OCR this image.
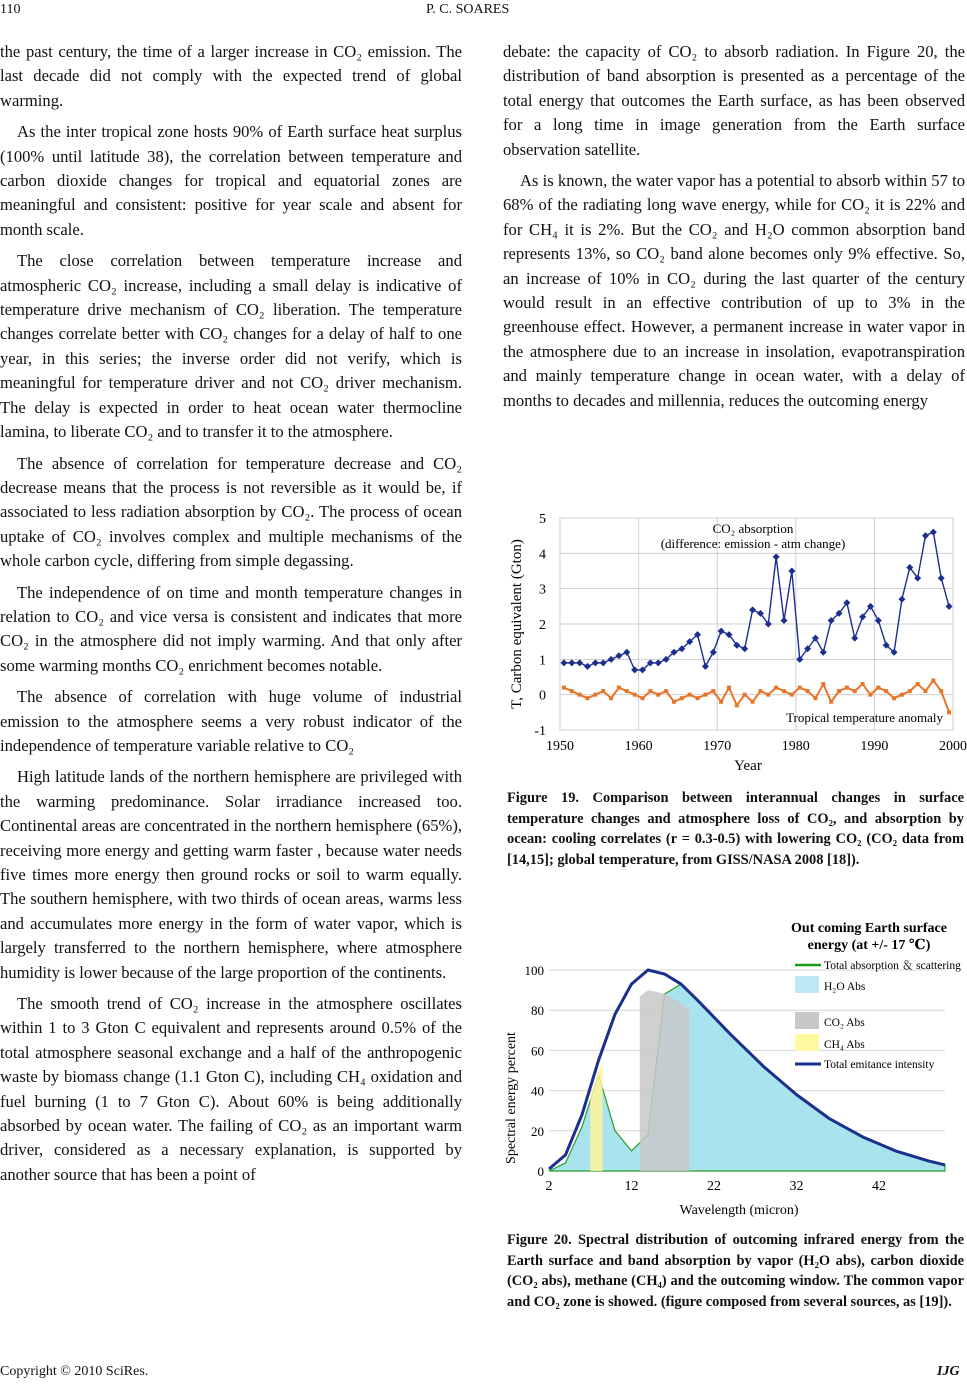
110	P. C. SOARES

the past century, the time of a larger increase in CO₂ emission. The last decade did not comply with the expected trend of global warming.

As the inter tropical zone hosts 90% of Earth surface heat surplus (100% until latitude 38), the correlation between temperature and carbon dioxide changes for tropical and equatorial zones are meaningful and consistent: positive for year scale and absent for month scale.

The close correlation between temperature increase and atmospheric CO₂ increase, including a small delay is indicative of temperature drive mechanism of CO₂ liberation. The temperature changes correlate better with CO₂ changes for a delay of half to one year, in this series; the inverse order did not verify, which is meaningful for temperature driver and not CO₂ driver mechanism. The delay is expected in order to heat ocean water thermocline lamina, to liberate CO₂ and to transfer it to the atmosphere.

The absence of correlation for temperature decrease and CO₂ decrease means that the process is not reversible as it would be, if associated to less radiation absorption by CO₂. The process of ocean uptake of CO₂ involves complex and multiple mechanisms of the whole carbon cycle, differing from simple degassing.

The independence of on time and month temperature changes in relation to CO₂ and vice versa is consistent and indicates that more CO₂ in the atmosphere did not imply warming. And that only after some warming months CO₂ enrichment becomes notable.

The absence of correlation with huge volume of industrial emission to the atmosphere seems a very robust indicator of the independence of temperature variable relative to CO₂

High latitude lands of the northern hemisphere are privileged with the warming predominance. Solar irradiance increased too. Continental areas are concentrated in the northern hemisphere (65%), receiving more energy and getting warm faster , because water needs five times more energy then ground rocks or soil to warm equally. The southern hemisphere, with two thirds of ocean areas, warms less and accumulates more energy in the form of water vapor, which is largely transferred to the northern hemisphere, where atmosphere humidity is lower because of the large proportion of the continents.

The smooth trend of CO₂ increase in the atmosphere oscillates within 1 to 3 Gton C equivalent and represents around 0.5% of the total atmosphere seasonal exchange and a half of the anthropogenic waste by biomass change (1.1 Gton C), including CH₄ oxidation and fuel burning (1 to 7 Gton C). About 60% is being additionally absorbed by ocean water. The failing of CO₂ as an important warm driver, considered as a necessary explanation, is supported by another source that has been a point of

debate: the capacity of CO₂ to absorb radiation. In Figure 20, the distribution of band absorption is presented as a percentage of the total energy that outcomes the Earth surface, as has been observed for a long time in image generation from the Earth surface observation satellite.

As is known, the water vapor has a potential to absorb within 57 to 68% of the radiating long wave energy, while for CO₂ it is 22% and for CH₄ it is 2%. But the CO₂ and H₂O common absorption band represents 13%, so CO₂ band alone becomes only 9% effective. So, an increase of 10% in CO₂ during the last quarter of the century would result in an effective contribution of up to 3% in the greenhouse effect. However, a permanent increase in water vapor in the atmosphere due to an increase in insolation, evapotranspiration and mainly temperature change in ocean water, with a delay of months to decades and millennia, reduces the outcoming energy

-1
0
1
2
3
4
5
1950	1960	1970	1980	1990	2000
CO₂ absorption
(difference: emission - atm change)
Tropical temperature anomaly
Year
T, Carbon equivalent (Gton)
Figure 19. Comparison between interannual changes in surface temperature changes and atmosphere loss of CO₂, and absorption by ocean: cooling correlates (r = 0.3-0.5) with lowering CO₂ (CO₂ data from [14,15]; global temperature, from GISS/NASA 2008 [18]).
0
20
40
60
80
100
2	12	22	32	42
Out coming Earth surface
energy (at +/- 17 ℃)
Total absorption ＆ scattering
H₂O Abs
CO₂ Abs
CH₄ Abs
Total emitance intensity
Wavelength (micron)
Spectral energy percent
Figure 20. Spectral distribution of outcoming infrared energy from the Earth surface and band absorption by vapor (H₂O abs), carbon dioxide (CO₂ abs), methane (CH₄) and the outcoming window. The common vapor and CO₂ zone is showed. (figure composed from several sources, as [19]).
Copyright © 2010 SciRes.	IJG
